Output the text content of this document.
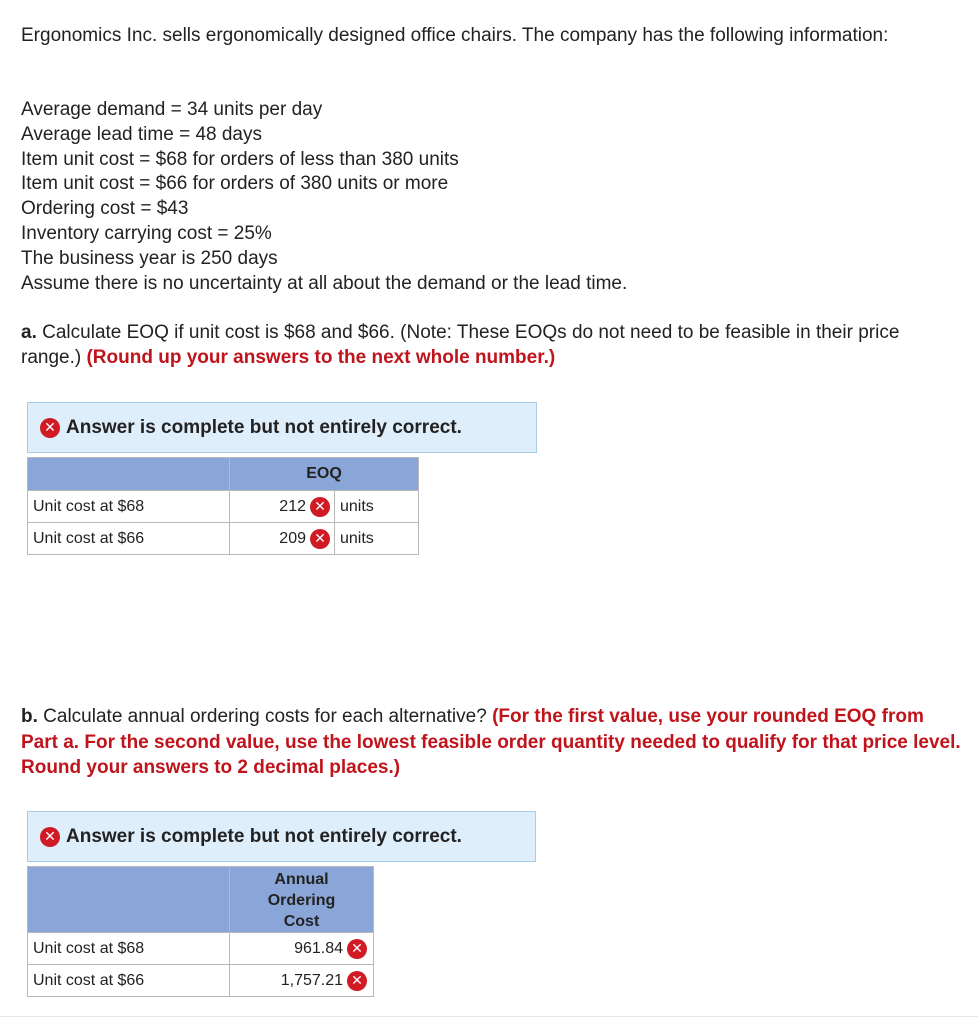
Ergonomics Inc. sells ergonomically designed office chairs. The company has the following information:
Average demand = 34 units per day
Average lead time = 48 days
Item unit cost = $68 for orders of less than 380 units
Item unit cost = $66 for orders of 380 units or more
Ordering cost = $43
Inventory carrying cost = 25%
The business year is 250 days
Assume there is no uncertainty at all about the demand or the lead time.
a. Calculate EOQ if unit cost is $68 and $66. (Note: These EOQs do not need to be feasible in their price range.) (Round up your answers to the next whole number.)
✕ Answer is complete but not entirely correct.
	EOQ	
Unit cost at $68	212 ✕	units
Unit cost at $66	209 ✕	units
b. Calculate annual ordering costs for each alternative? (For the first value, use your rounded EOQ from Part a. For the second value, use the lowest feasible order quantity needed to qualify for that price level. Round your answers to 2 decimal places.)
✕ Answer is complete but not entirely correct.

	Annual
Ordering
Cost

Unit cost at $68	961.84 ✕
Unit cost at $66	1,757.21 ✕
